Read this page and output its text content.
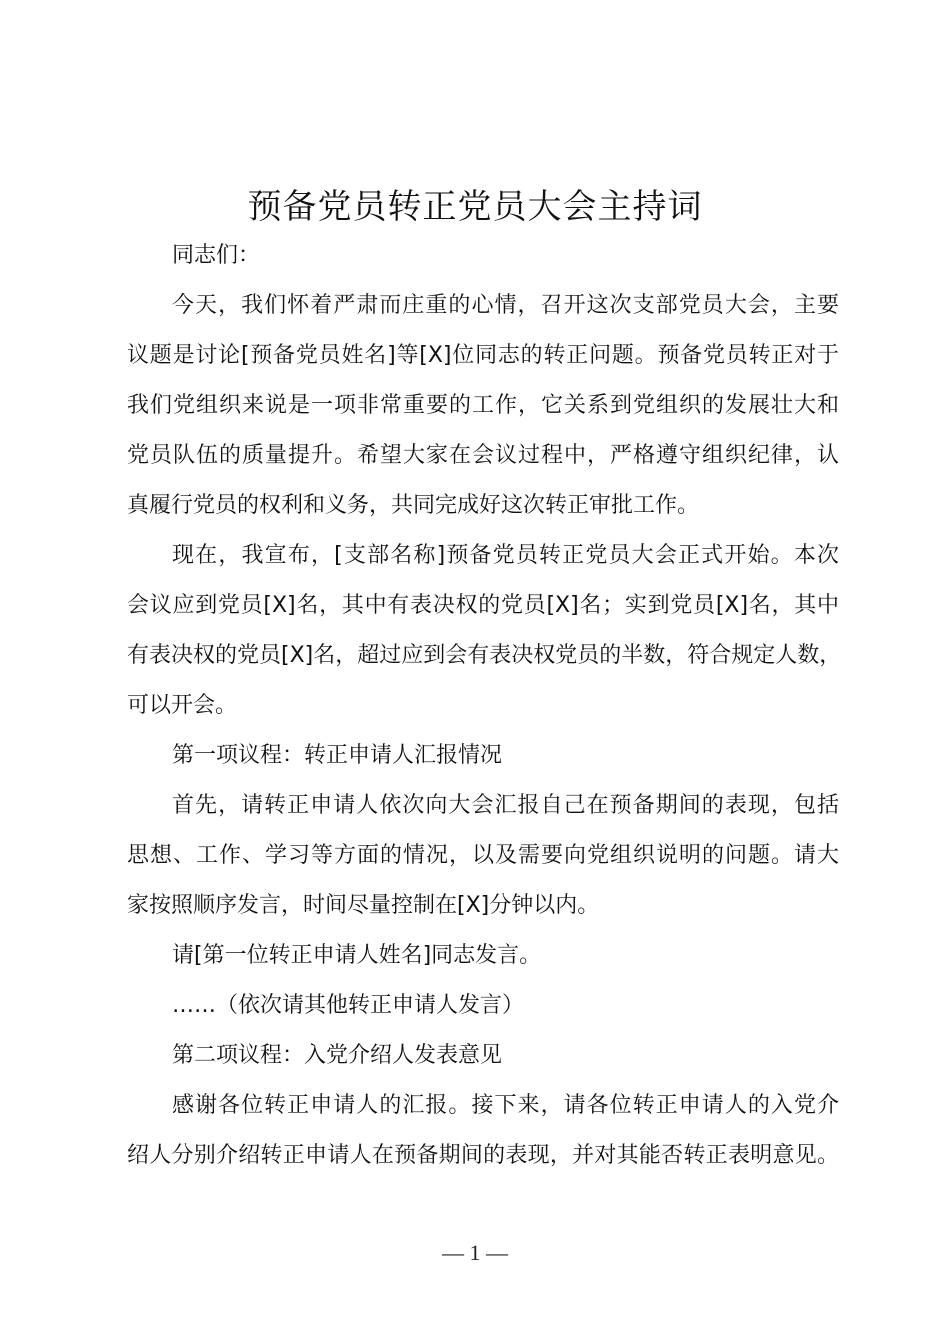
预备党员转正党员大会主持词
同志们：
今天，我们怀着严肃而庄重的心情，召开这次支部党员大会，主要
议题是讨论[预备党员姓名]等[X]位同志的转正问题。预备党员转正对于
我们党组织来说是一项非常重要的工作，它关系到党组织的发展壮大和
党员队伍的质量提升。希望大家在会议过程中，严格遵守组织纪律，认
真履行党员的权利和义务，共同完成好这次转正审批工作。
现在，我宣布，[支部名称]预备党员转正党员大会正式开始。本次
会议应到党员[X]名，其中有表决权的党员[X]名；实到党员[X]名，其中
有表决权的党员[X]名，超过应到会有表决权党员的半数，符合规定人数，
可以开会。
第一项议程：转正申请人汇报情况
首先，请转正申请人依次向大会汇报自己在预备期间的表现，包括
思想、工作、学习等方面的情况，以及需要向党组织说明的问题。请大
家按照顺序发言，时间尽量控制在[X]分钟以内。
请[第一位转正申请人姓名]同志发言。
……（依次请其他转正申请人发言）
第二项议程：入党介绍人发表意见
感谢各位转正申请人的汇报。接下来，请各位转正申请人的入党介
绍人分别介绍转正申请人在预备期间的表现，并对其能否转正表明意见。
— 1 —
